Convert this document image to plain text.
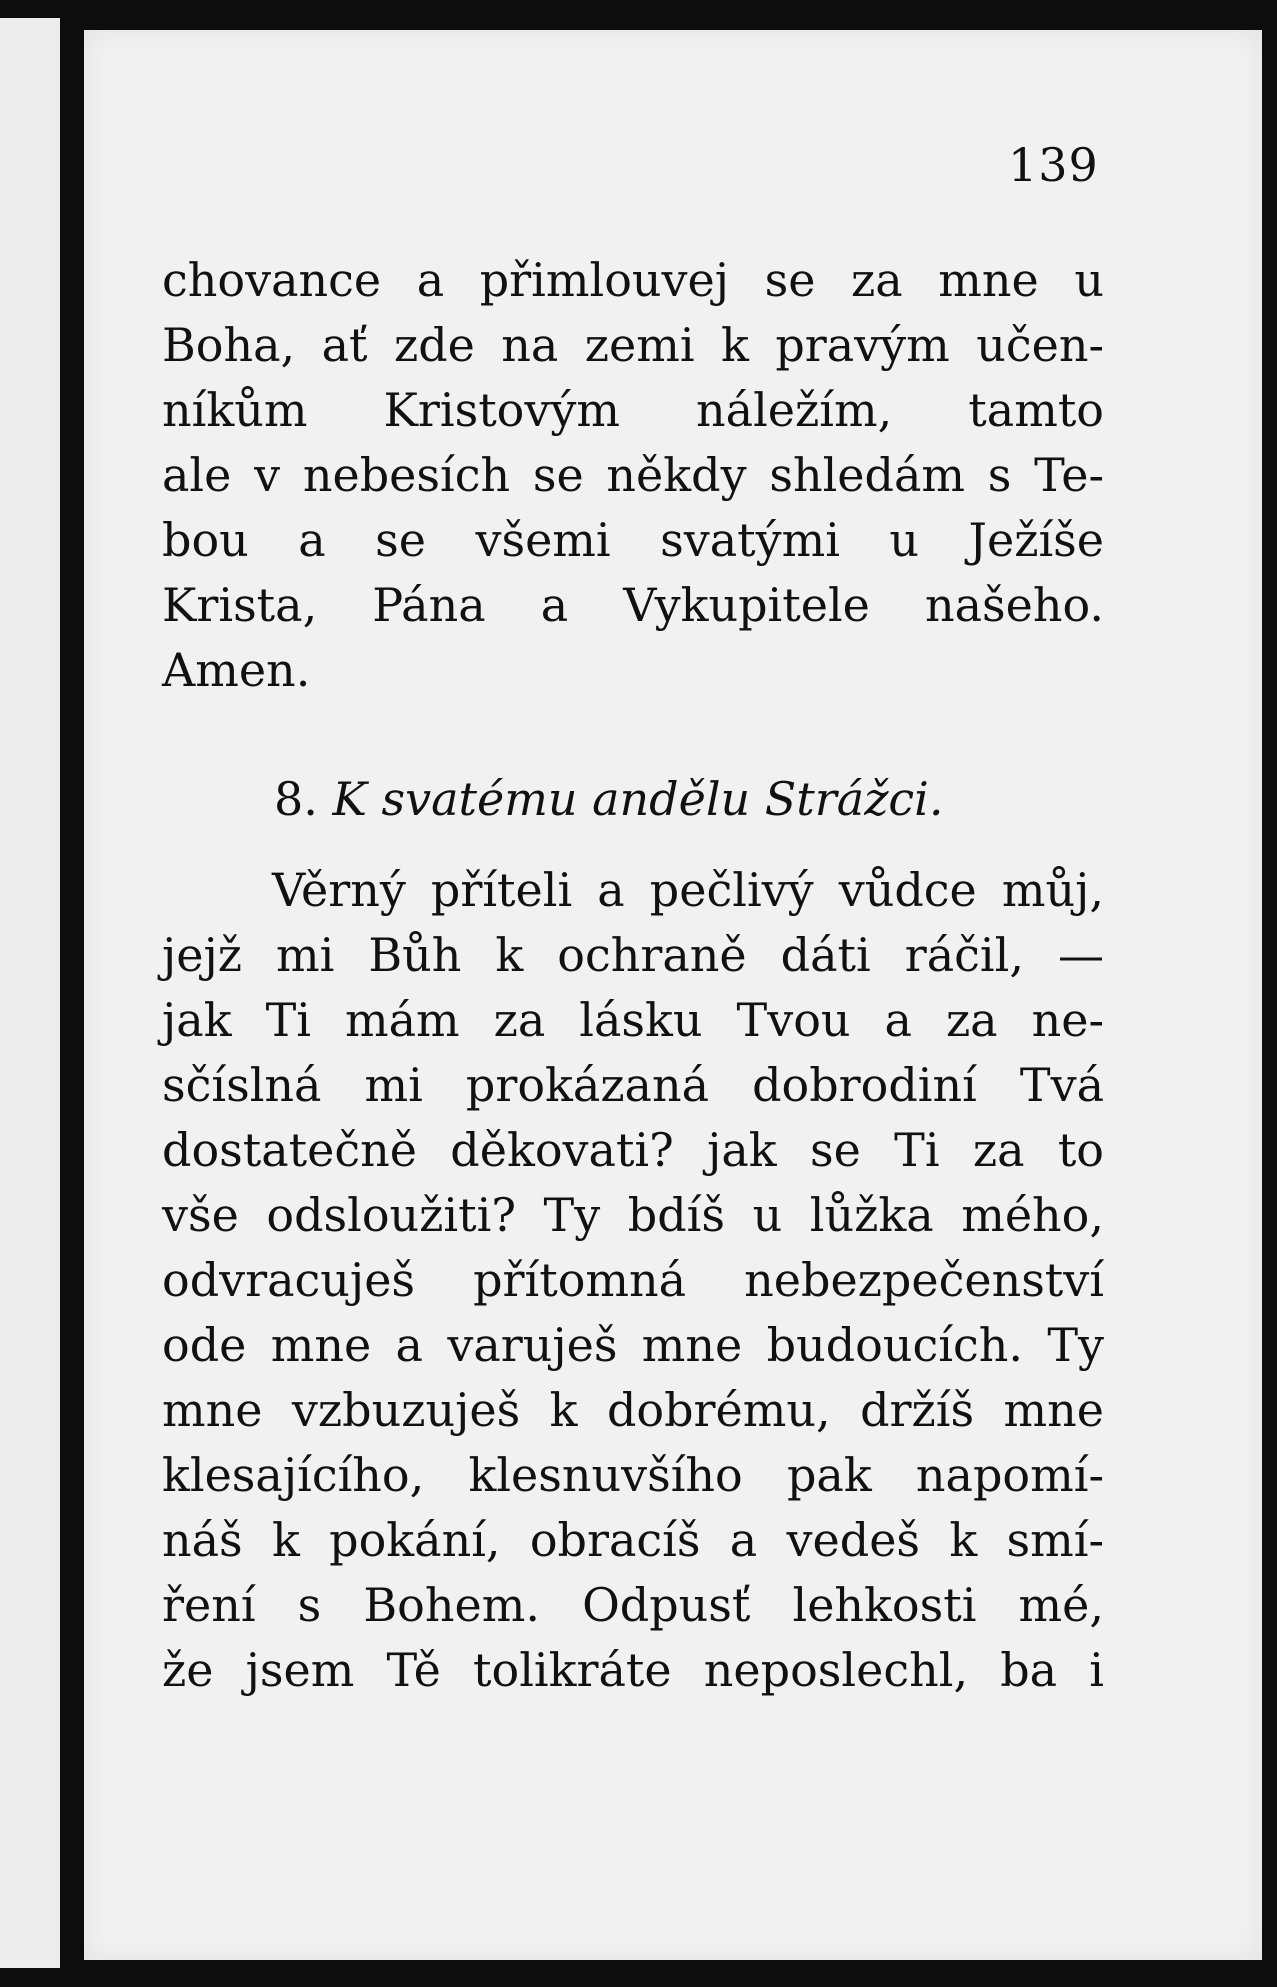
139
chovance a přimlouvej se za mne u
Boha, ať zde na zemi k pravým učen-
níkům Kristovým náležím, tamto
ale v nebesích se někdy shledám s Te-
bou a se všemi svatými u Ježíše
Krista, Pána a Vykupitele našeho.
Amen.
8. K svatému andělu Strážci.
Věrný příteli a pečlivý vůdce můj,
jejž mi Bůh k ochraně dáti ráčil, —
jak Ti mám za lásku Tvou a za ne-
sčíslná mi prokázaná dobrodiní Tvá
dostatečně děkovati? jak se Ti za to
vše odsloužiti? Ty bdíš u lůžka mého,
odvracuješ přítomná nebezpečenství
ode mne a varuješ mne budoucích. Ty
mne vzbuzuješ k dobrému, držíš mne
klesajícího, klesnuvšího pak napomí-
náš k pokání, obracíš a vedeš k smí-
ření s Bohem. Odpusť lehkosti mé,
že jsem Tě tolikráte neposlechl, ba i
